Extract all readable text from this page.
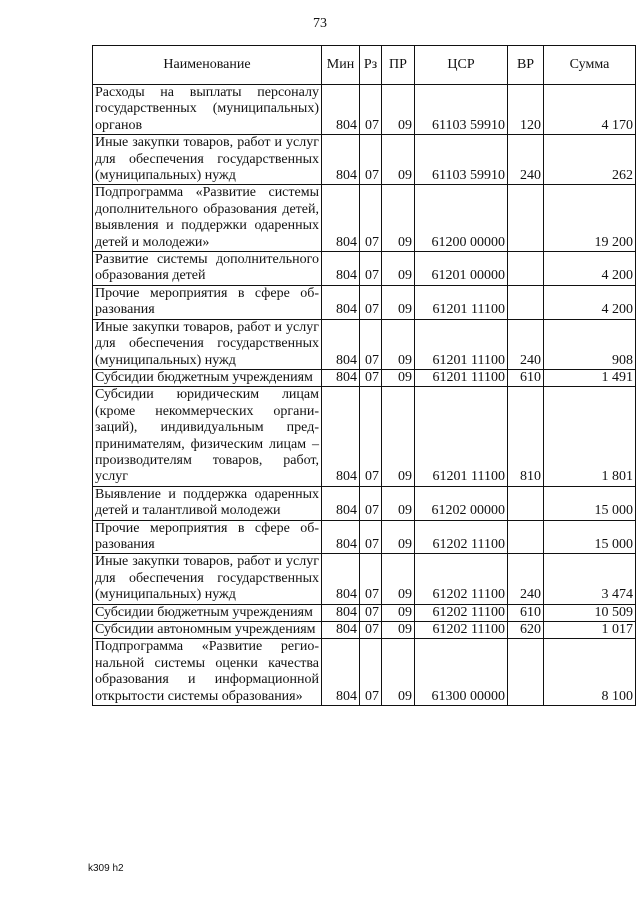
73
Наименование	Мин	Рз	ПР	ЦСР	ВР	Сумма
Расходы на выплаты персоналу государственных (муниципальных) органов	804	07	09	61103 59910	120	4 170
Иные закупки товаров, работ и услуг для обеспечения государственных (муниципальных) нужд	804	07	09	61103 59910	240	262
Подпрограмма «Развитие системы дополнительного образования детей, выявления и поддержки одаренных детей и молодежи»	804	07	09	61200 00000		19 200
Развитие системы дополнительного образования детей	804	07	09	61201 00000		4 200
Прочие мероприятия в сфере образования	804	07	09	61201 11100		4 200
Иные закупки товаров, работ и услуг для обеспечения государственных (муниципальных) нужд	804	07	09	61201 11100	240	908
Субсидии бюджетным учреждениям	804	07	09	61201 11100	610	1 491
Субсидии юридическим лицам (кроме некоммерческих организаций), индивидуальным предпринимателям, физическим лицам – производителям товаров, работ, услуг	804	07	09	61201 11100	810	1 801
Выявление и поддержка одаренных детей и талантливой молодежи	804	07	09	61202 00000		15 000
Прочие мероприятия в сфере образования	804	07	09	61202 11100		15 000
Иные закупки товаров, работ и услуг для обеспечения государственных (муниципальных) нужд	804	07	09	61202 11100	240	3 474
Субсидии бюджетным учреждениям	804	07	09	61202 11100	610	10 509
Субсидии автономным учреждениям	804	07	09	61202 11100	620	1 017
Подпрограмма «Развитие региональной системы оценки качества образования и информационной открытости системы образования»	804	07	09	61300 00000		8 100
k309 h2
